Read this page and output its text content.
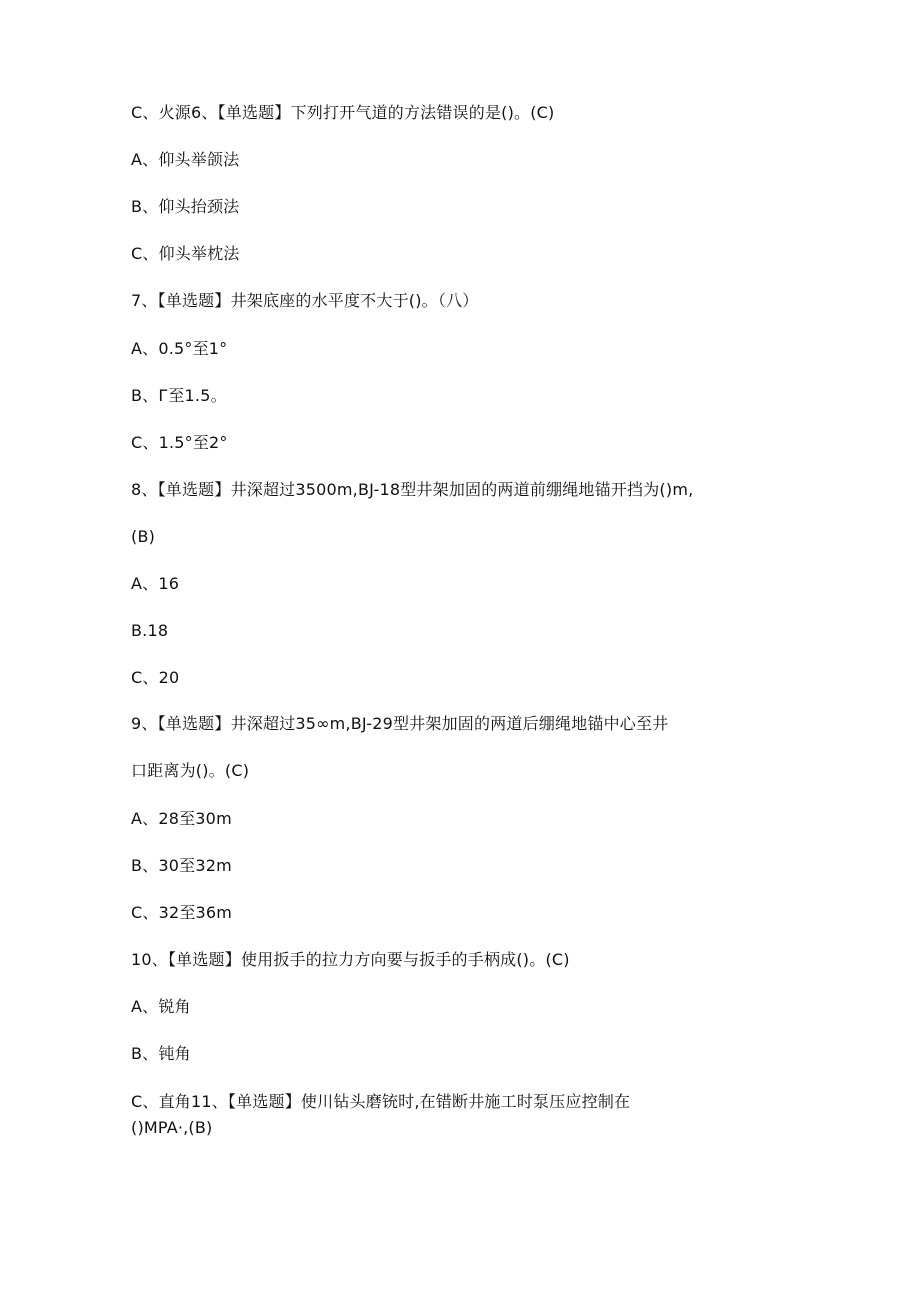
C、火源6、【单选题】下列打开气道的方法错误的是()。(C)
A、仰头举颌法
B、仰头抬颈法
C、仰头举枕法
7、【单选题】井架底座的水平度不大于()。（八）
A、0.5°至1°
B、Г至1.5。
C、1.5°至2°
8、【单选题】井深超过3500m,BJ-18型井架加固的两道前绷绳地锚开挡为()m,
(B)
A、16
B.18
C、20
9、【单选题】井深超过35∞m,BJ-29型井架加固的两道后绷绳地锚中心至井
口距离为()。(C)
A、28至30m
B、30至32m
C、32至36m
10、【单选题】使用扳手的拉力方向要与扳手的手柄成()。(C)
A、锐角
B、钝角
C、直角11、【单选题】使川钻头磨铳时,在错断井施工时泵压应控制在
()MPA·,(B)
